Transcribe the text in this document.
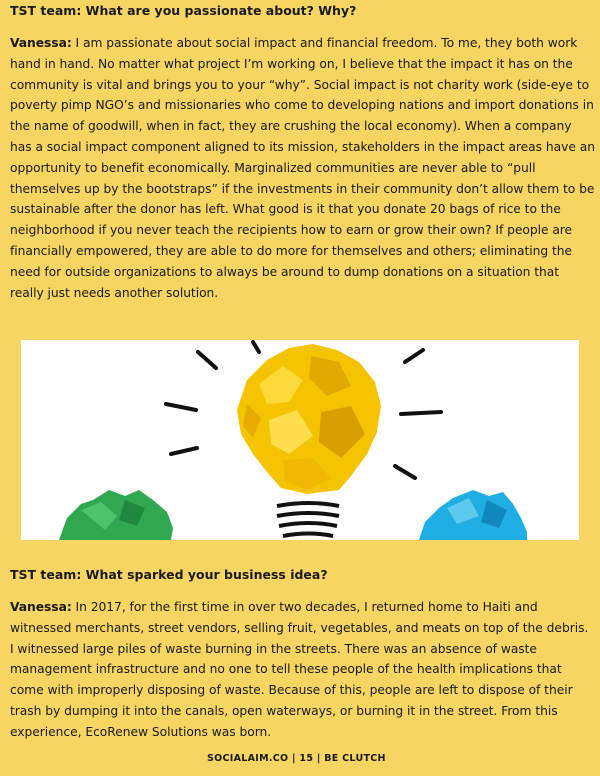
TST team: What are you passionate about? Why?

Vanessa: I am passionate about social impact and financial freedom. To me, they both work hand in hand. No matter what project I’m working on, I believe that the impact it has on the community is vital and brings you to your “why”. Social impact is not charity work (side-eye to poverty pimp NGO’s and missionaries who come to developing nations and import donations in the name of goodwill, when in fact, they are crushing the local economy). When a company has a social impact component aligned to its mission, stakeholders in the impact areas have an opportunity to benefit economically. Marginalized communities are never able to “pull themselves up by the bootstraps” if the investments in their community don’t allow them to be sustainable after the donor has left. What good is it that you donate 20 bags of rice to the neighborhood if you never teach the recipients how to earn or grow their own? If people are financially empowered, they are able to do more for themselves and others; eliminating the need for outside organizations to always be around to dump donations on a situation that really just needs another solution.

TST team: What sparked your business idea?

Vanessa: In 2017, for the first time in over two decades, I returned home to Haiti and witnessed merchants, street vendors, selling fruit, vegetables, and meats on top of the debris. I witnessed large piles of waste burning in the streets. There was an absence of waste management infrastructure and no one to tell these people of the health implications that come with improperly disposing of waste. Because of this, people are left to dispose of their trash by dumping it into the canals, open waterways, or burning it in the street. From this experience, EcoRenew Solutions was born.

SOCIALAIM.CO | 15 | BE CLUTCH
